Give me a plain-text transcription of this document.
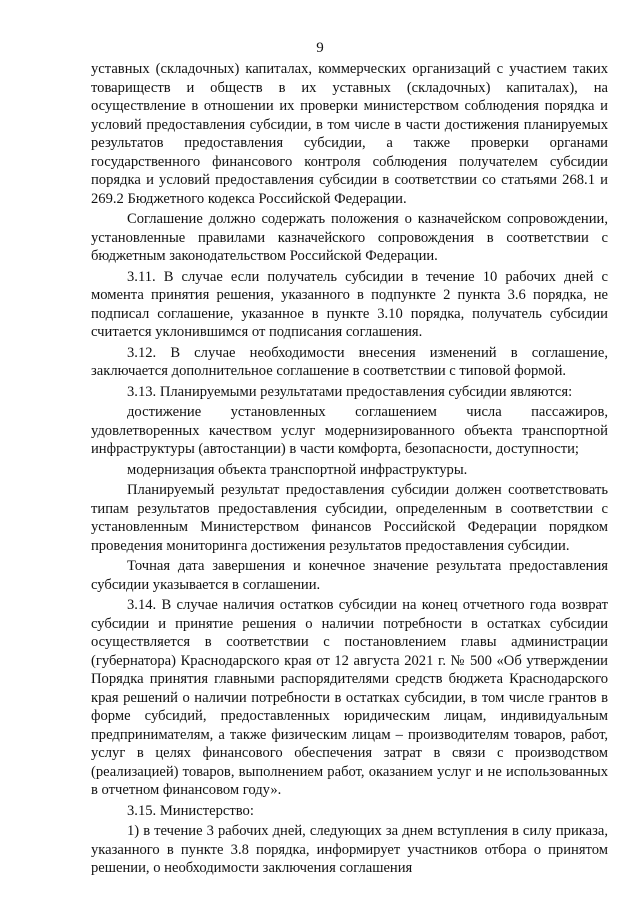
9

уставных (складочных) капиталах, коммерческих организаций с участием таких товариществ и обществ в их уставных (складочных) капиталах), на осуществление в отношении их проверки министерством соблюдения порядка и условий предоставления субсидии, в том числе в части достижения планируемых результатов предоставления субсидии, а также проверки органами государственного финансового контроля соблюдения получателем субсидии порядка и условий предоставления субсидии в соответствии со статьями 268.1 и 269.2 Бюджетного кодекса Российской Федерации.

Соглашение должно содержать положения о казначейском сопровождении, установленные правилами казначейского сопровождения в соответствии с бюджетным законодательством Российской Федерации.

3.11. В случае если получатель субсидии в течение 10 рабочих дней с момента принятия решения, указанного в подпункте 2 пункта 3.6 порядка, не подписал соглашение, указанное в пункте 3.10 порядка, получатель субсидии считается уклонившимся от подписания соглашения.

3.12. В случае необходимости внесения изменений в соглашение, заключается дополнительное соглашение в соответствии с типовой формой.

3.13. Планируемыми результатами предоставления субсидии являются:

достижение установленных соглашением числа пассажиров, удовлетворенных качеством услуг модернизированного объекта транспортной инфраструктуры (автостанции) в части комфорта, безопасности, доступности;

модернизация объекта транспортной инфраструктуры.

Планируемый результат предоставления субсидии должен соответствовать типам результатов предоставления субсидии, определенным в соответствии с установленным Министерством финансов Российской Федерации порядком проведения мониторинга достижения результатов предоставления субсидии.

Точная дата завершения и конечное значение результата предоставления субсидии указывается в соглашении.

3.14. В случае наличия остатков субсидии на конец отчетного года возврат субсидии и принятие решения о наличии потребности в остатках субсидии осуществляется в соответствии с постановлением главы администрации (губернатора) Краснодарского края от 12 августа 2021 г. № 500 «Об утверждении Порядка принятия главными распорядителями средств бюджета Краснодарского края решений о наличии потребности в остатках субсидии, в том числе грантов в форме субсидий, предоставленных юридическим лицам, индивидуальным предпринимателям, а также физическим лицам – производителям товаров, работ, услуг в целях финансового обеспечения затрат в связи с производством (реализацией) товаров, выполнением работ, оказанием услуг и не использованных в отчетном финансовом году».

3.15. Министерство:

1) в течение 3 рабочих дней, следующих за днем вступления в силу приказа, указанного в пункте 3.8 порядка, информирует участников отбора о принятом решении, о необходимости заключения соглашения
